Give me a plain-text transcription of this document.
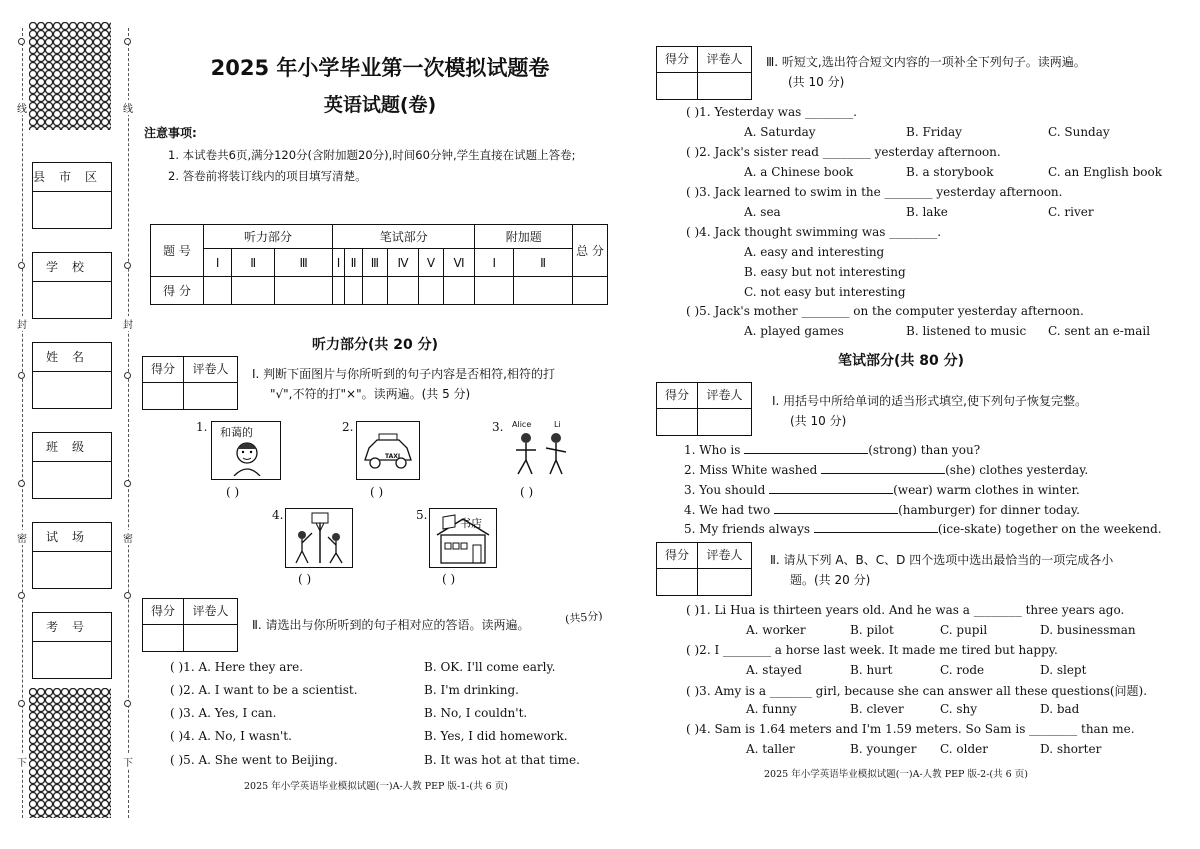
线
封
密
下
线
封
密
下
县市区
学校
姓名
班级
试场
考号
2025 年小学毕业第一次模拟试题卷
英语试题(卷)
注意事项:
1. 本试卷共6页,满分120分(含附加题20分),时间60分钟,学生直接在试题上答卷;
2. 答卷前将装订线内的项目填写清楚。
题 号	听力部分			笔试部分						附加题		总 分
	Ⅰ	Ⅱ	Ⅲ	Ⅰ	Ⅱ	Ⅲ	Ⅳ	Ⅴ	Ⅵ	Ⅰ	Ⅱ	
得 分												
听力部分(共 20 分)
得分	评卷人	Ⅰ. 判断下面图片与你所听到的句子内容是否相符,相符的打
"√",不符的打"×"。读两遍。(共 5 分)
1. 和蔼的
( )
2.
TAXI
( )
3. Alice	Li
( )
4.
( )
5.
书店
( )
得分	评卷人
Ⅱ. 请选出与你所听到的句子相对应的答语。读两遍。	(共5分)
( )1. A. Here they are.	B. OK. I'll come early.
( )2. A. I want to be a scientist.	B. I'm drinking.
( )3. A. Yes, I can.	B. No, I couldn't.
( )4. A. No, I wasn't.	B. Yes, I did homework.
( )5. A. She went to Beijing.	B. It was hot at that time.
2025 年小学英语毕业模拟试题(一)A-人教 PEP 版-1-(共 6 页)
得分	评卷人	Ⅲ. 听短文,选出符合短文内容的一项补全下列句子。读两遍。
(共 10 分)
( )1. Yesterday was ________.
A. Saturday	B. Friday	C. Sunday
( )2. Jack's sister read ________ yesterday afternoon.
A. a Chinese book	B. a storybook	C. an English book
( )3. Jack learned to swim in the ________ yesterday afternoon.
A. sea	B. lake	C. river
( )4. Jack thought swimming was ________.
A. easy and interesting
B. easy but not interesting
C. not easy but interesting
( )5. Jack's mother ________ on the computer yesterday afternoon.
A. played games	B. listened to music C. sent an e-mail
笔试部分(共 80 分)
得分	评卷人	Ⅰ. 用括号中所给单词的适当形式填空,使下列句子恢复完整。
(共 10 分)
1. Who is	(strong) than you?
2. Miss White washed	(she) clothes yesterday.
3. You should	(wear) warm clothes in winter.
4. We had two	(hamburger) for dinner today.
5. My friends always	(ice-skate) together on the weekend.
得分	评卷人	Ⅱ. 请从下列 A、B、C、D 四个选项中选出最恰当的一项完成各小
题。(共 20 分)
( )1. Li Hua is thirteen years old. And he was a ________ three years ago.
A. worker	B. pilot	C. pupil	D. businessman
( )2. I ________ a horse last week. It made me tired but happy.
A. stayed	B. hurt	C. rode	D. slept
( )3. Amy is a _______ girl, because she can answer all these questions(问题).
A. funny	B. clever	C. shy	D. bad
( )4. Sam is 1.64 meters and I'm 1.59 meters. So Sam is ________ than me.
A. taller	B. younger C. older	D. shorter
2025 年小学英语毕业模拟试题(一)A-人教 PEP 版-2-(共 6 页)
